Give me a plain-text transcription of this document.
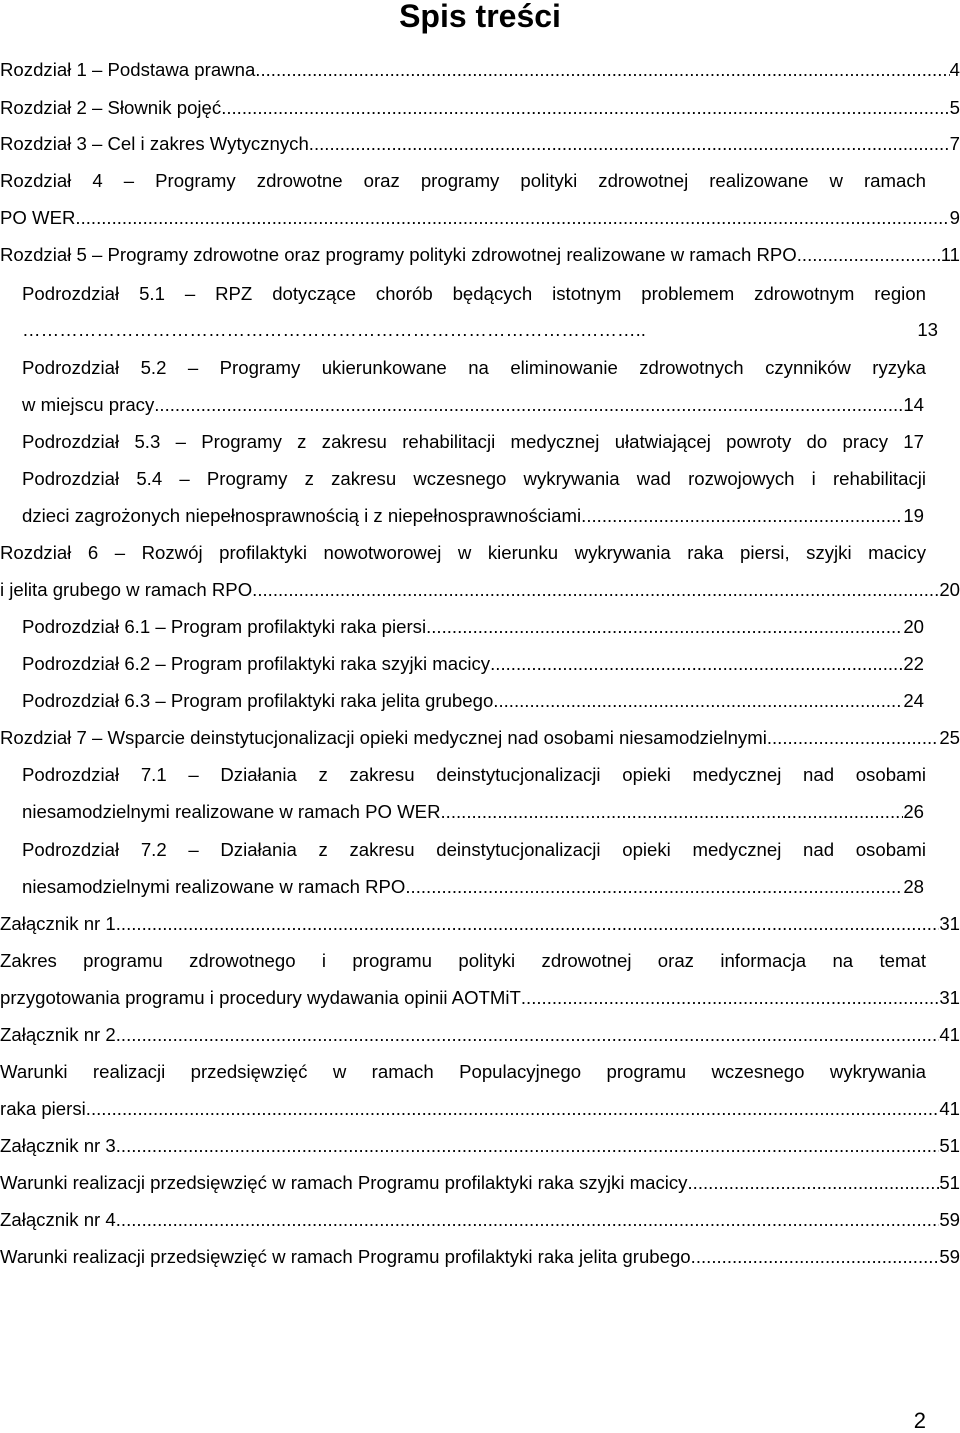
Spis treści
Rozdział 1 – Podstawa prawna .....	4
Rozdział 2 – Słownik pojęć .....	5
Rozdział 3 – Cel i zakres Wytycznych .....	7
Rozdział 4 – Programy zdrowotne oraz programy polityki zdrowotnej realizowane w ramach
PO WER .....	9
Rozdział 5 – Programy zdrowotne oraz programy polityki zdrowotnej realizowane w ramach RPO .....	11
Podrozdział 5.1 – RPZ dotyczące chorób będących istotnym problemem zdrowotnym region
………………………………………………………………………………………..	13
Podrozdział 5.2 – Programy ukierunkowane na eliminowanie zdrowotnych czynników ryzyka
w miejscu pracy .....	14
Podrozdział 5.3 – Programy z zakresu rehabilitacji medycznej ułatwiającej powroty do pracy 17
Podrozdział 5.4 – Programy z zakresu wczesnego wykrywania wad rozwojowych i rehabilitacji
dzieci zagrożonych niepełnosprawnością i z niepełnosprawnościami .....	19
Rozdział 6 – Rozwój profilaktyki nowotworowej w kierunku wykrywania raka piersi, szyjki macicy
i jelita grubego w ramach RPO .....	20
Podrozdział 6.1 – Program profilaktyki raka piersi .....	20
Podrozdział 6.2 – Program profilaktyki raka szyjki macicy .....	22
Podrozdział 6.3 – Program profilaktyki raka jelita grubego .....	24
Rozdział 7 – Wsparcie deinstytucjonalizacji opieki medycznej nad osobami niesamodzielnymi .....	25
Podrozdział 7.1 – Działania z zakresu deinstytucjonalizacji opieki medycznej nad osobami
niesamodzielnymi realizowane w ramach PO WER .....	26
Podrozdział 7.2 – Działania z zakresu deinstytucjonalizacji opieki medycznej nad osobami
niesamodzielnymi realizowane w ramach RPO .....	28
Załącznik nr 1 .....	31
Zakres programu zdrowotnego i programu polityki zdrowotnej oraz informacja na temat
przygotowania programu i procedury wydawania opinii AOTMiT .....	31
Załącznik nr 2 .....	41
Warunki realizacji przedsięwzięć w ramach Populacyjnego programu wczesnego wykrywania
raka piersi .....	41
Załącznik nr 3 .....	51
Warunki realizacji przedsięwzięć w ramach Programu profilaktyki raka szyjki macicy .....	51
Załącznik nr 4 .....	59
Warunki realizacji przedsięwzięć w ramach Programu profilaktyki raka jelita grubego .....	59
2
